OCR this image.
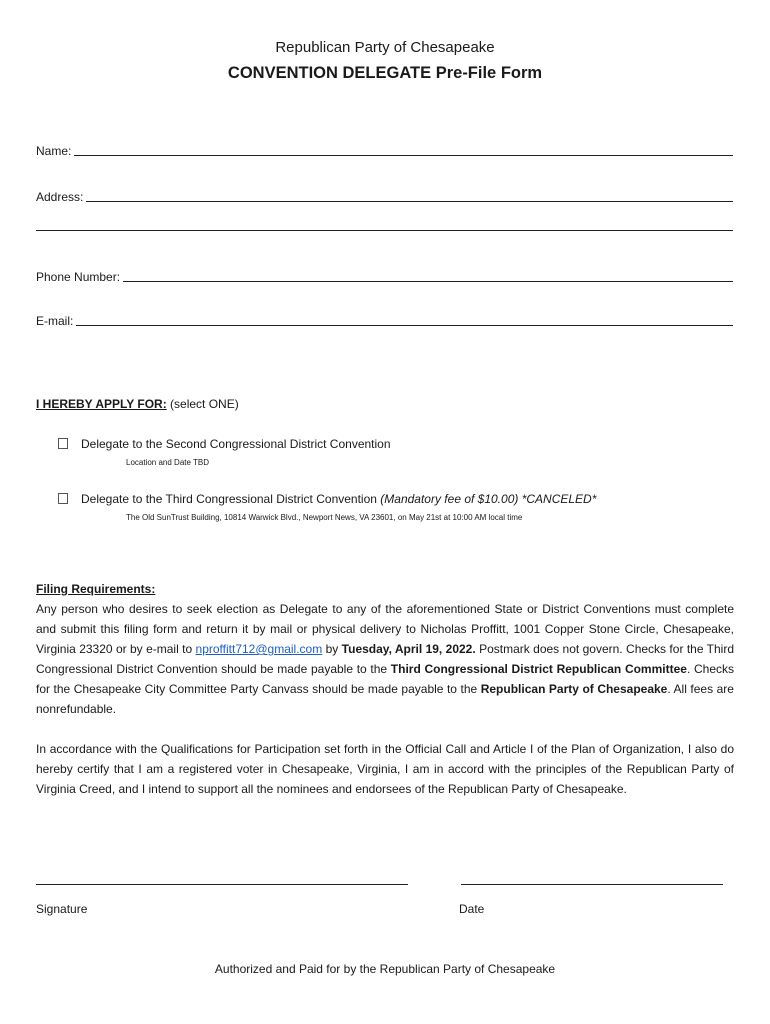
Republican Party of Chesapeake
CONVENTION DELEGATE Pre-File Form
Name:
Address:
Phone Number:
E-mail:
I HEREBY APPLY FOR: (select ONE)
Delegate to the Second Congressional District Convention
Location and Date TBD
Delegate to the Third Congressional District Convention (Mandatory fee of $10.00) *CANCELED*
The Old SunTrust Building, 10814 Warwick Blvd., Newport News, VA 23601, on May 21st at 10:00 AM local time
Filing Requirements:
Any person who desires to seek election as Delegate to any of the aforementioned State or District Conventions must complete and submit this filing form and return it by mail or physical delivery to Nicholas Proffitt, 1001 Copper Stone Circle, Chesapeake, Virginia 23320 or by e-mail to nproffitt712@gmail.com by Tuesday, April 19, 2022. Postmark does not govern. Checks for the Third Congressional District Convention should be made payable to the Third Congressional District Republican Committee. Checks for the Chesapeake City Committee Party Canvass should be made payable to the Republican Party of Chesapeake. All fees are nonrefundable.
In accordance with the Qualifications for Participation set forth in the Official Call and Article I of the Plan of Organization, I also do hereby certify that I am a registered voter in Chesapeake, Virginia, I am in accord with the principles of the Republican Party of Virginia Creed, and I intend to support all the nominees and endorsees of the Republican Party of Chesapeake.
Signature	Date
Authorized and Paid for by the Republican Party of Chesapeake
